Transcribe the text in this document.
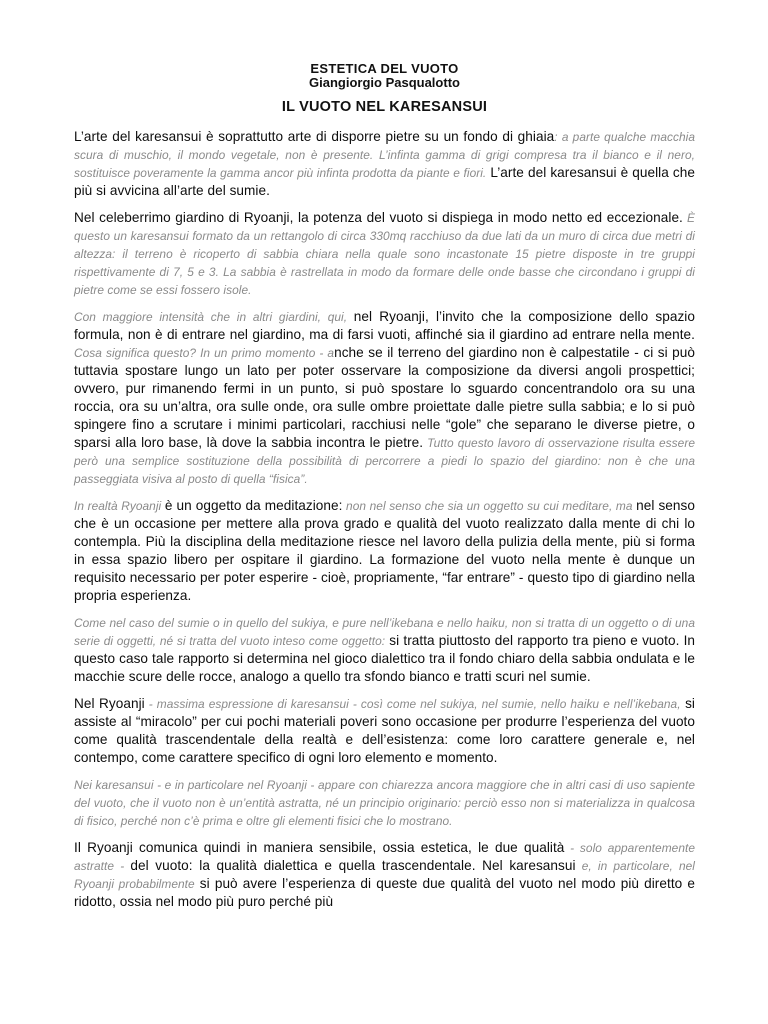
ESTETICA DEL VUOTO
Giangiorgio Pasqualotto
IL VUOTO NEL KARESANSUI

L’arte del karesansui è soprattutto arte di disporre pietre su un fondo di ghiaia: a parte qualche macchia scura di muschio, il mondo vegetale, non è presente. L’infinta gamma di grigi compresa tra il bianco e il nero, sostituisce poveramente la gamma ancor più infinta prodotta da piante e fiori. L’arte del karesansui è quella che più si avvicina all’arte del sumie.

Nel celeberrimo giardino di Ryoanji, la potenza del vuoto si dispiega in modo netto ed eccezionale. È questo un karesansui formato da un rettangolo di circa 330mq racchiuso da due lati da un muro di circa due metri di altezza: il terreno è ricoperto di sabbia chiara nella quale sono incastonate 15 pietre disposte in tre gruppi rispettivamente di 7, 5 e 3. La sabbia è rastrellata in modo da formare delle onde basse che circondano i gruppi di pietre come se essi fossero isole.

Con maggiore intensità che in altri giardini, qui, nel Ryoanji, l’invito che la composizione dello spazio formula, non è di entrare nel giardino, ma di farsi vuoti, affinché sia il giardino ad entrare nella mente. Cosa significa questo? In un primo momento - anche se il terreno del giardino non è calpestatile - ci si può tuttavia spostare lungo un lato per poter osservare la composizione da diversi angoli prospettici; ovvero, pur rimanendo fermi in un punto, si può spostare lo sguardo concentrandolo ora su una roccia, ora su un’altra, ora sulle onde, ora sulle ombre proiettate dalle pietre sulla sabbia; e lo si può spingere fino a scrutare i minimi particolari, racchiusi nelle “gole” che separano le diverse pietre, o sparsi alla loro base, là dove la sabbia incontra le pietre. Tutto questo lavoro di osservazione risulta essere però una semplice sostituzione della possibilità di percorrere a piedi lo spazio del giardino: non è che una passeggiata visiva al posto di quella “fisica”.

In realtà Ryoanji è un oggetto da meditazione: non nel senso che sia un oggetto su cui meditare, ma nel senso che è un occasione per mettere alla prova grado e qualità del vuoto realizzato dalla mente di chi lo contempla. Più la disciplina della meditazione riesce nel lavoro della pulizia della mente, più si forma in essa spazio libero per ospitare il giardino. La formazione del vuoto nella mente è dunque un requisito necessario per poter esperire - cioè, propriamente, “far entrare” - questo tipo di giardino nella propria esperienza.

Come nel caso del sumie o in quello del sukiya, e pure nell’ikebana e nello haiku, non si tratta di un oggetto o di una serie di oggetti, né si tratta del vuoto inteso come oggetto: si tratta piuttosto del rapporto tra pieno e vuoto. In questo caso tale rapporto si determina nel gioco dialettico tra il fondo chiaro della sabbia ondulata e le macchie scure delle rocce, analogo a quello tra sfondo bianco e tratti scuri nel sumie.

Nel Ryoanji - massima espressione di karesansui - così come nel sukiya, nel sumie, nello haiku e nell’ikebana, si assiste al “miracolo” per cui pochi materiali poveri sono occasione per produrre l’esperienza del vuoto come qualità trascendentale della realtà e dell’esistenza: come loro carattere generale e, nel contempo, come carattere specifico di ogni loro elemento e momento.

Nei karesansui - e in particolare nel Ryoanji - appare con chiarezza ancora maggiore che in altri casi di uso sapiente del vuoto, che il vuoto non è un’entità astratta, né un principio originario: perciò esso non si materializza in qualcosa di fisico, perché non c’è prima e oltre gli elementi fisici che lo mostrano.

Il Ryoanji comunica quindi in maniera sensibile, ossia estetica, le due qualità - solo apparentemente astratte - del vuoto: la qualità dialettica e quella trascendentale. Nel karesansui e, in particolare, nel Ryoanji probabilmente si può avere l’esperienza di queste due qualità del vuoto nel modo più diretto e ridotto, ossia nel modo più puro perché più
